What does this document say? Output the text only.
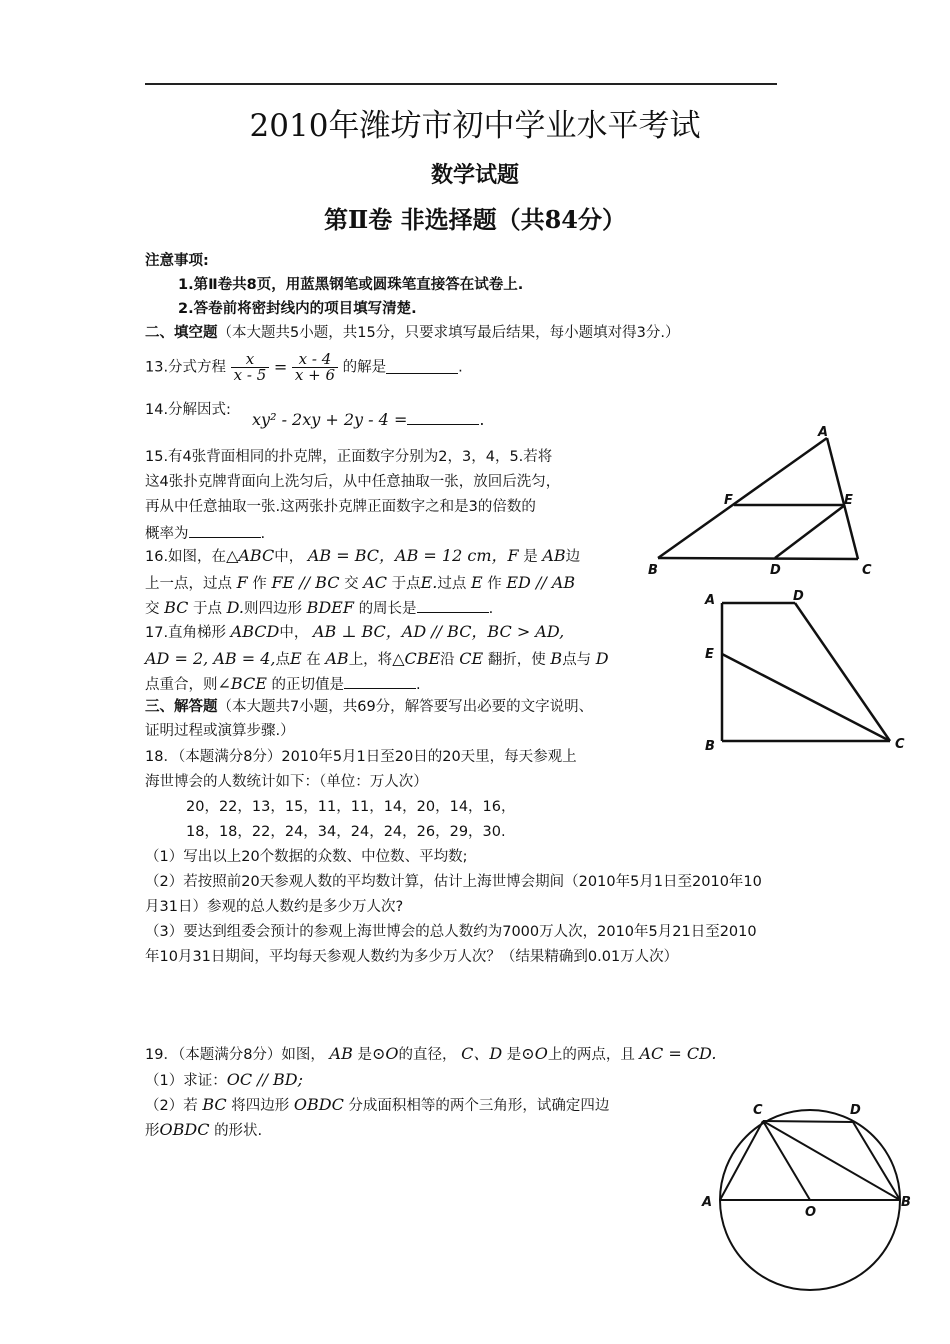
2010年潍坊市初中学业水平考试
数学试题
第Ⅱ卷 非选择题（共84分）
注意事项:
1.第Ⅱ卷共8页，用蓝黑钢笔或圆珠笔直接答在试卷上.
2.答卷前将密封线内的项目填写清楚.
二、填空题（本大题共5小题，共15分，只要求填写最后结果，每小题填对得3分.）
13.分式方程 $\frac{x}{x - 5} = \frac{x - 4}{x + 6}$ 的解是	.
14.分解因式: xy² - 2xy + 2y - 4 =	.
15.有4张背面相同的扑克牌，正面数字分别为2，3，4，5.若将
这4张扑克牌背面向上洗匀后，从中任意抽取一张，放回后洗匀，
再从中任意抽取一张.这两张扑克牌正面数字之和是3的倍数的
概率为	.
16.如图，在△ABC中， AB = BC，AB = 12 cm，F 是 AB边
上一点，过点 F 作 FE // BC 交 AC 于点E.过点 E 作 ED // AB
交 BC 于点 D.则四边形 BDEF 的周长是	.
17.直角梯形 ABCD中， AB ⊥ BC，AD // BC，BC > AD,
AD = 2, AB = 4,点E 在 AB上，将△CBE沿 CE 翻折，使 B点与 D
点重合，则∠BCE 的正切值是	.
三、解答题（本大题共7小题，共69分，解答要写出必要的文字说明、
证明过程或演算步骤.）
18．（本题满分8分）2010年5月1日至20日的20天里，每天参观上
海世博会的人数统计如下：（单位：万人次）
20，22，13，15，11，11，14，20，14，16，
18，18，22，24，34，24，24，26，29，30.
（1）写出以上20个数据的众数、中位数、平均数;
（2）若按照前20天参观人数的平均数计算，估计上海世博会期间（2010年5月1日至2010年10
月31日）参观的总人数约是多少万人次?
（3）要达到组委会预计的参观上海世博会的总人数约为7000万人次，2010年5月21日至2010
年10月31日期间，平均每天参观人数约为多少万人次？（结果精确到0.01万人次）
19．（本题满分8分）如图， AB 是⊙O的直径， C、D 是⊙O上的两点，且 AC = CD.
（1）求证：OC // BD;
（2）若 BC 将四边形 OBDC 分成面积相等的两个三角形，试确定四边
形OBDC 的形状.
A
B	C
D
E
F
A
B	C
D
E
A	B
C	D
O
